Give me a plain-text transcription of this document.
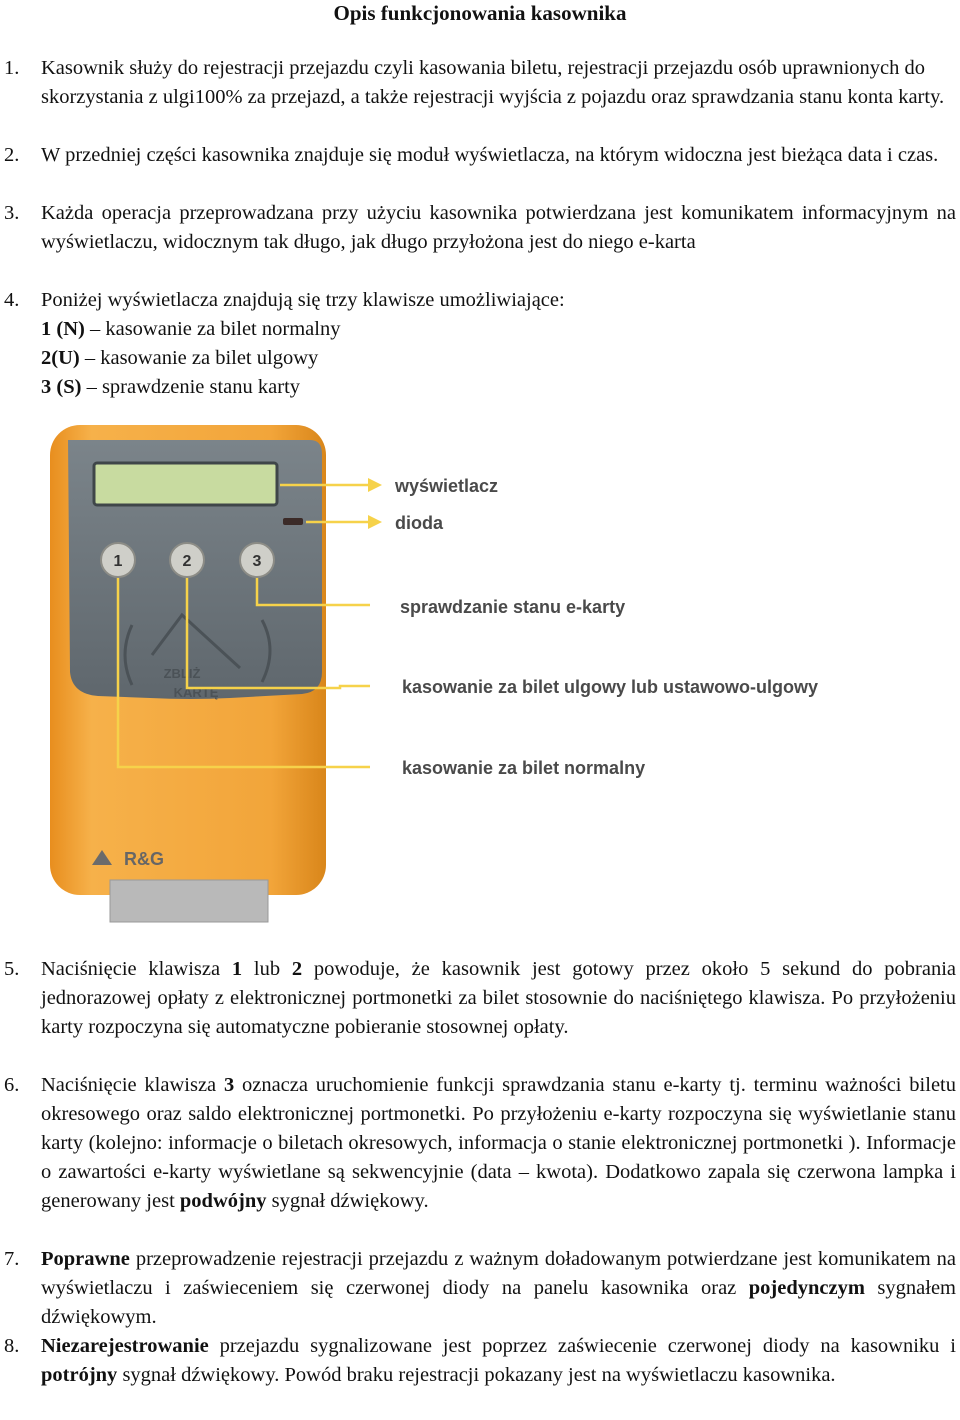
Opis funkcjonowania kasownika
1. Kasownik służy do rejestracji przejazdu czyli kasowania biletu, rejestracji przejazdu osób uprawnionych do skorzystania z ulgi100% za przejazd, a także rejestracji wyjścia z pojazdu oraz sprawdzania stanu konta karty.
2. W przedniej części kasownika znajduje się moduł wyświetlacza, na którym widoczna jest bieżąca data i czas.
3. Każda operacja przeprowadzana przy użyciu kasownika potwierdzana jest komunikatem informacyjnym na wyświetlaczu, widocznym tak długo, jak długo przyłożona jest do niego e-karta
4. Poniżej wyświetlacza znajdują się trzy klawisze umożliwiające:
1 (N) – kasowanie za bilet normalny
2(U) – kasowanie za bilet ulgowy
3 (S) – sprawdzenie stanu karty
1	2	3
ZBLIŻ
KARTĘ
R&G
wyświetlacz
dioda
sprawdzanie stanu e-karty
kasowanie za bilet ulgowy lub ustawowo-ulgowy
kasowanie za bilet normalny
5. Naciśnięcie klawisza 1 lub 2 powoduje, że kasownik jest gotowy przez około 5 sekund do pobrania jednorazowej opłaty z elektronicznej portmonetki za bilet stosownie do naciśniętego klawisza. Po przyłożeniu karty rozpoczyna się automatyczne pobieranie stosownej opłaty.
6. Naciśnięcie klawisza 3 oznacza uruchomienie funkcji sprawdzania stanu e-karty tj. terminu ważności biletu okresowego oraz saldo elektronicznej portmonetki. Po przyłożeniu e-karty rozpoczyna się wyświetlanie stanu karty (kolejno: informacje o biletach okresowych, informacja o stanie elektronicznej portmonetki ). Informacje o zawartości e-karty wyświetlane są sekwencyjnie (data – kwota). Dodatkowo zapala się czerwona lampka i generowany jest podwójny sygnał dźwiękowy.
7. Poprawne przeprowadzenie rejestracji przejazdu z ważnym doładowanym potwierdzane jest komunikatem na wyświetlaczu i zaświeceniem się czerwonej diody na panelu kasownika oraz pojedynczym sygnałem dźwiękowym.
8. Niezarejestrowanie przejazdu sygnalizowane jest poprzez zaświecenie czerwonej diody na kasowniku i potrójny sygnał dźwiękowy. Powód braku rejestracji pokazany jest na wyświetlaczu kasownika.
